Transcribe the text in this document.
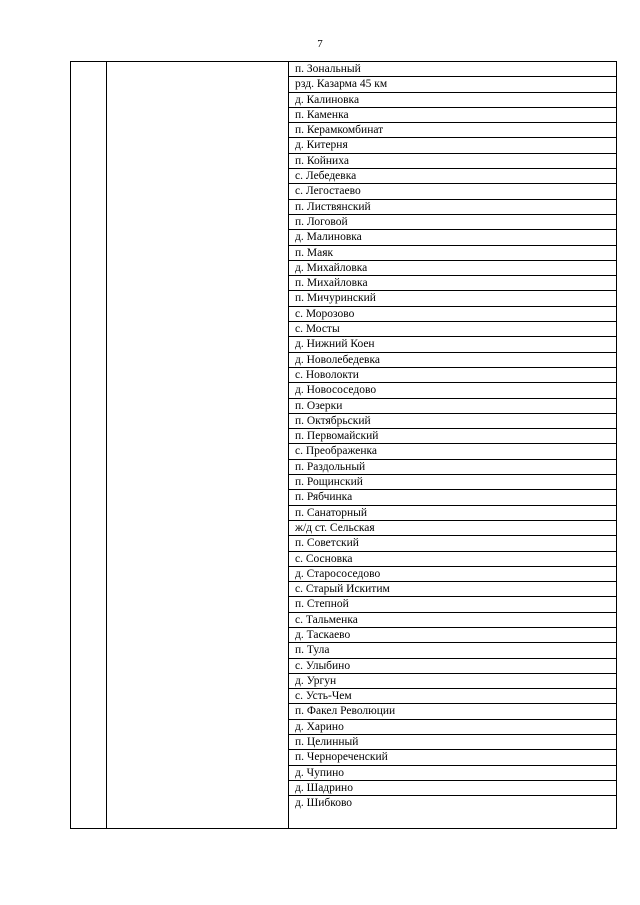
7

п. Зональный
рзд. Казарма 45 км
д. Калиновка
п. Каменка
п. Керамкомбинат
д. Китерня
п. Койниха
с. Лебедевка
с. Легостаево
п. Листвянский
п. Логовой
д. Малиновка
п. Маяк
д. Михайловка
п. Михайловка
п. Мичуринский
с. Морозово
с. Мосты
д. Нижний Коен
д. Новолебедевка
с. Новолокти
д. Новососедово
п. Озерки
п. Октябрьский
п. Первомайский
с. Преображенка
п. Раздольный
п. Рощинский
п. Рябчинка
п. Санаторный
ж/д ст. Сельская
п. Советский
с. Сосновка
д. Старососедово
с. Старый Искитим
п. Степной
с. Тальменка
д. Таскаево
п. Тула
с. Улыбино
д. Ургун
с. Усть-Чем
п. Факел Революции
д. Харино
п. Целинный
п. Чернореченский
д. Чупино
д. Шадрино
д. Шибково
